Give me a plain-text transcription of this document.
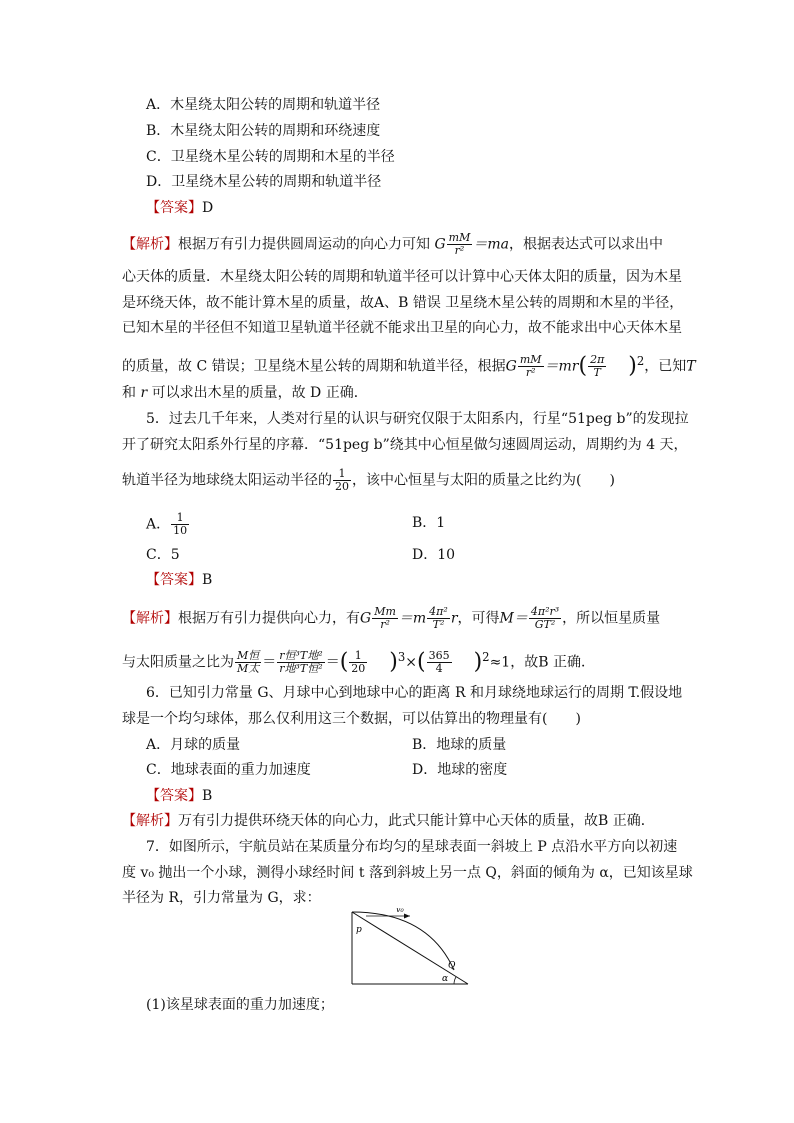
A．木星绕太阳公转的周期和轨道半径
B．木星绕太阳公转的周期和环绕速度
C．卫星绕木星公转的周期和木星的半径
D．卫星绕木星公转的周期和轨道半径
【答案】D
【解析】根据万有引力提供圆周运动的向心力可知 G $\frac{mM}{\text{r²}} =ma$，根据表达式可以求出中
心天体的质量．木星绕太阳公转的周期和轨道半径可以计算中心天体太阳的质量，因为木星
是环绕天体，故不能计算木星的质量，故A、B 错误 卫星绕木星公转的周期和木星的半径，
已知木星的半径但不知道卫星轨道半径就不能求出卫星的向心力，故不能求出中心天体木星
的质量，故 C 错误；卫星绕木星公转的周期和轨道半径，根据G $\frac{mM}{\text{r²}} =mr( \frac{2\pi}{T} )^2$，已知T
和 r 可以求出木星的质量，故 D 正确．
5．过去几千年来，人类对行星的认识与研究仅限于太阳系内，行星“51peg b”的发现拉
开了研究太阳系外行星的序幕．“51peg b”绕其中心恒星做匀速圆周运动，周期约为 4 天，
轨道半径为地球绕太阳运动半径的 $\frac{1}{20}$ ，该中心恒星与太阳的质量之比约为(　　)
A． $\frac{1}{10}$	B．1
C．5	D．10
【答案】B
【解析】根据万有引力提供向心力，有G $\frac{Mm}{\text{r²}} =m \frac{\text{4π²}}{\text{T²}}$ r，可得$M= \frac{\text{4π²r³}}{\text{GT²}}$ ，所以恒星质量
与太阳质量之比为 $\frac{\text{M恒}}{\text{M太}} = \frac{\text{r恒³T地²}}{\text{r地³T恒²}}$ ＝( $\frac{1}{20} )^3\times( \frac{365}{4} )^2\approx 1$，故B 正确．
6．已知引力常量 G、月球中心到地球中心的距离 R 和月球绕地球运行的周期 T.假设地
球是一个均匀球体，那么仅利用这三个数据，可以估算出的物理量有(　　)
A．月球的质量	B．地球的质量
C．地球表面的重力加速度	D．地球的密度
【答案】B
【解析】万有引力提供环绕天体的向心力，此式只能计算中心天体的质量，故B 正确．
7．如图所示，宇航员站在某质量分布均匀的星球表面一斜坡上 P 点沿水平方向以初速
度 v₀ 抛出一个小球，测得小球经时间 t 落到斜坡上另一点 Q，斜面的倾角为 α，已知该星球
半径为 R，引力常量为 G，求：
v₀
p
Q
α
(1)该星球表面的重力加速度；
